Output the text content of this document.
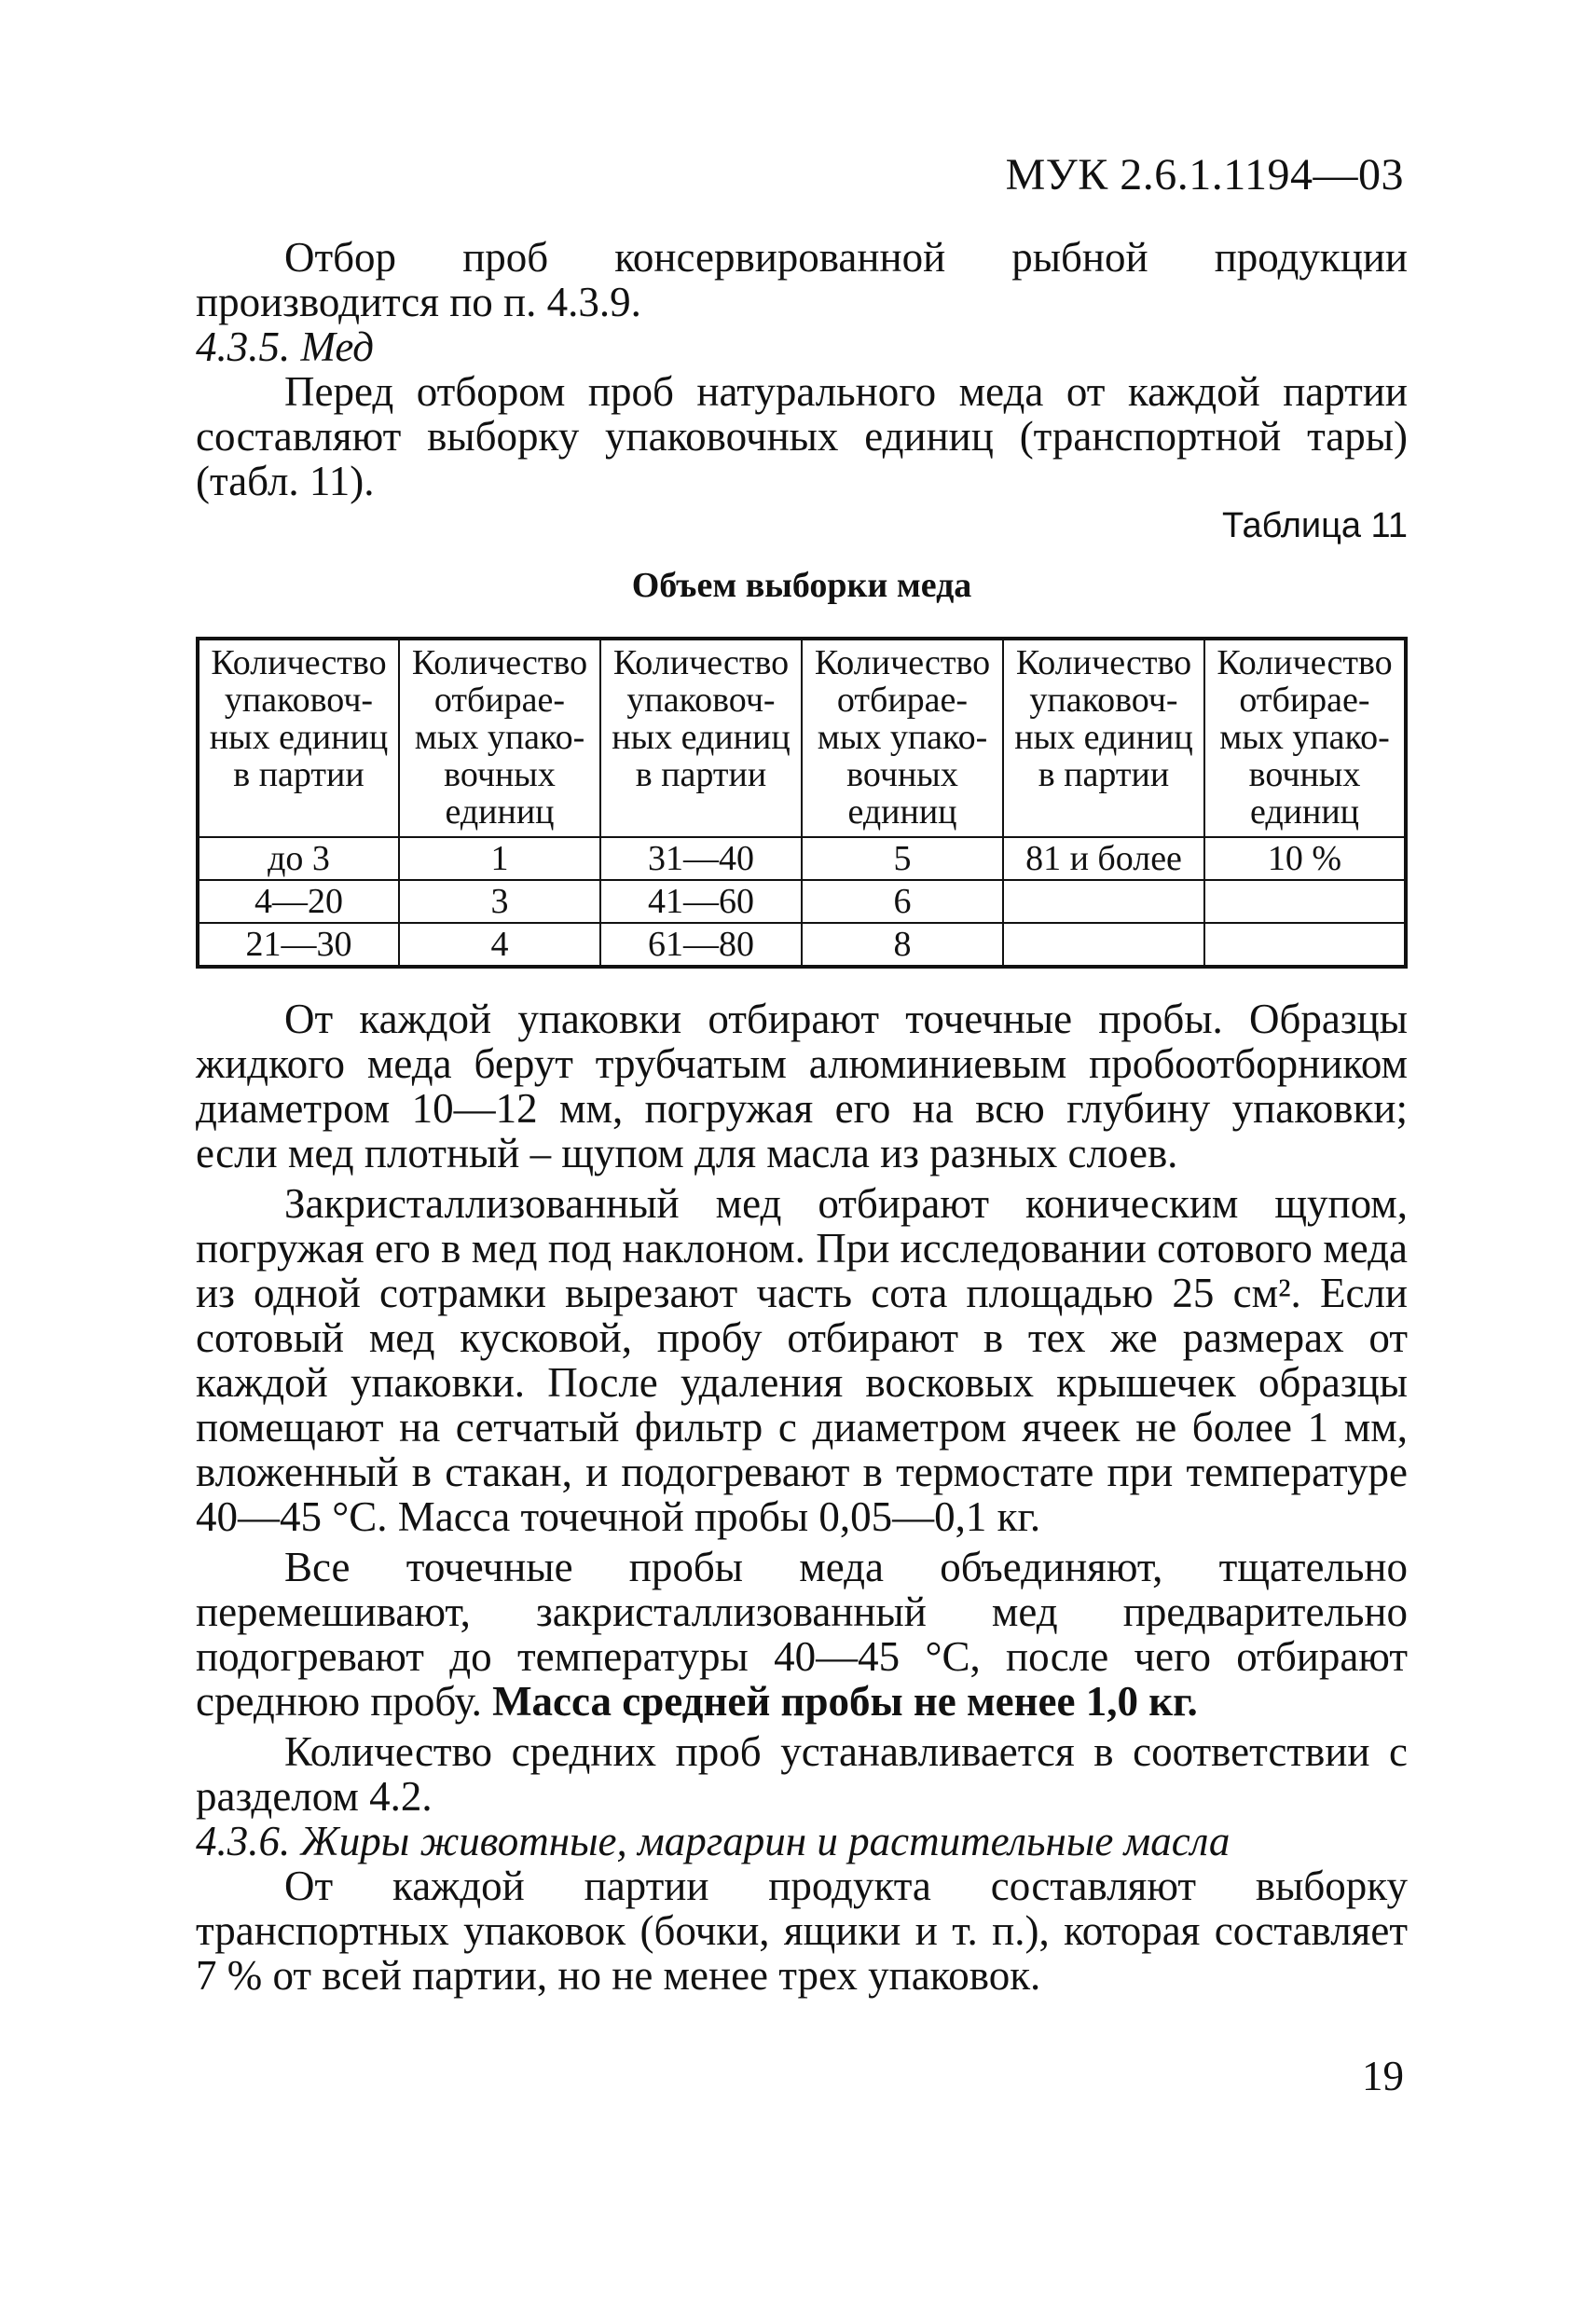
МУК 2.6.1.1194—03

Отбор проб консервированной рыбной продукции производится по п. 4.3.9.

4.3.5. Мед

Перед отбором проб натурального меда от каждой партии составляют выборку упаковочных единиц (транспортной тары) (табл. 11).

Таблица 11
Объем выборки меда
Количество упаковоч-ных единиц в партии	Количество отбирае-мых упако-вочных единиц	Количество упаковоч-ных единиц в партии	Количество отбирае-мых упако-вочных единиц	Количество упаковоч-ных единиц в партии	Количество отбирае-мых упако-вочных единиц
до 3	1	31—40	5	81 и более	10 %
4—20	3	41—60	6		
21—30	4	61—80	8		

От каждой упаковки отбирают точечные пробы. Образцы жидкого меда берут трубчатым алюминиевым пробоотборником диаметром 10—12 мм, погружая его на всю глубину упаковки; если мед плотный – щупом для масла из разных слоев.

Закристаллизованный мед отбирают коническим щупом, погружая его в мед под наклоном. При исследовании сотового меда из одной сотрамки вырезают часть сота площадью 25 см². Если сотовый мед кусковой, пробу отбирают в тех же размерах от каждой упаковки. После удаления восковых крышечек образцы помещают на сетчатый фильтр с диаметром ячеек не более 1 мм, вложенный в стакан, и подогревают в термостате при температуре 40—45 °С. Масса точечной пробы 0,05—0,1 кг.

Все точечные пробы меда объединяют, тщательно перемешивают, закристаллизованный мед предварительно подогревают до температуры 40—45 °С, после чего отбирают среднюю пробу. Масса средней пробы не менее 1,0 кг.

Количество средних проб устанавливается в соответствии с разделом 4.2.

4.3.6. Жиры животные, маргарин и растительные масла

От каждой партии продукта составляют выборку транспортных упаковок (бочки, ящики и т. п.), которая составляет 7 % от всей партии, но не менее трех упаковок.

19
